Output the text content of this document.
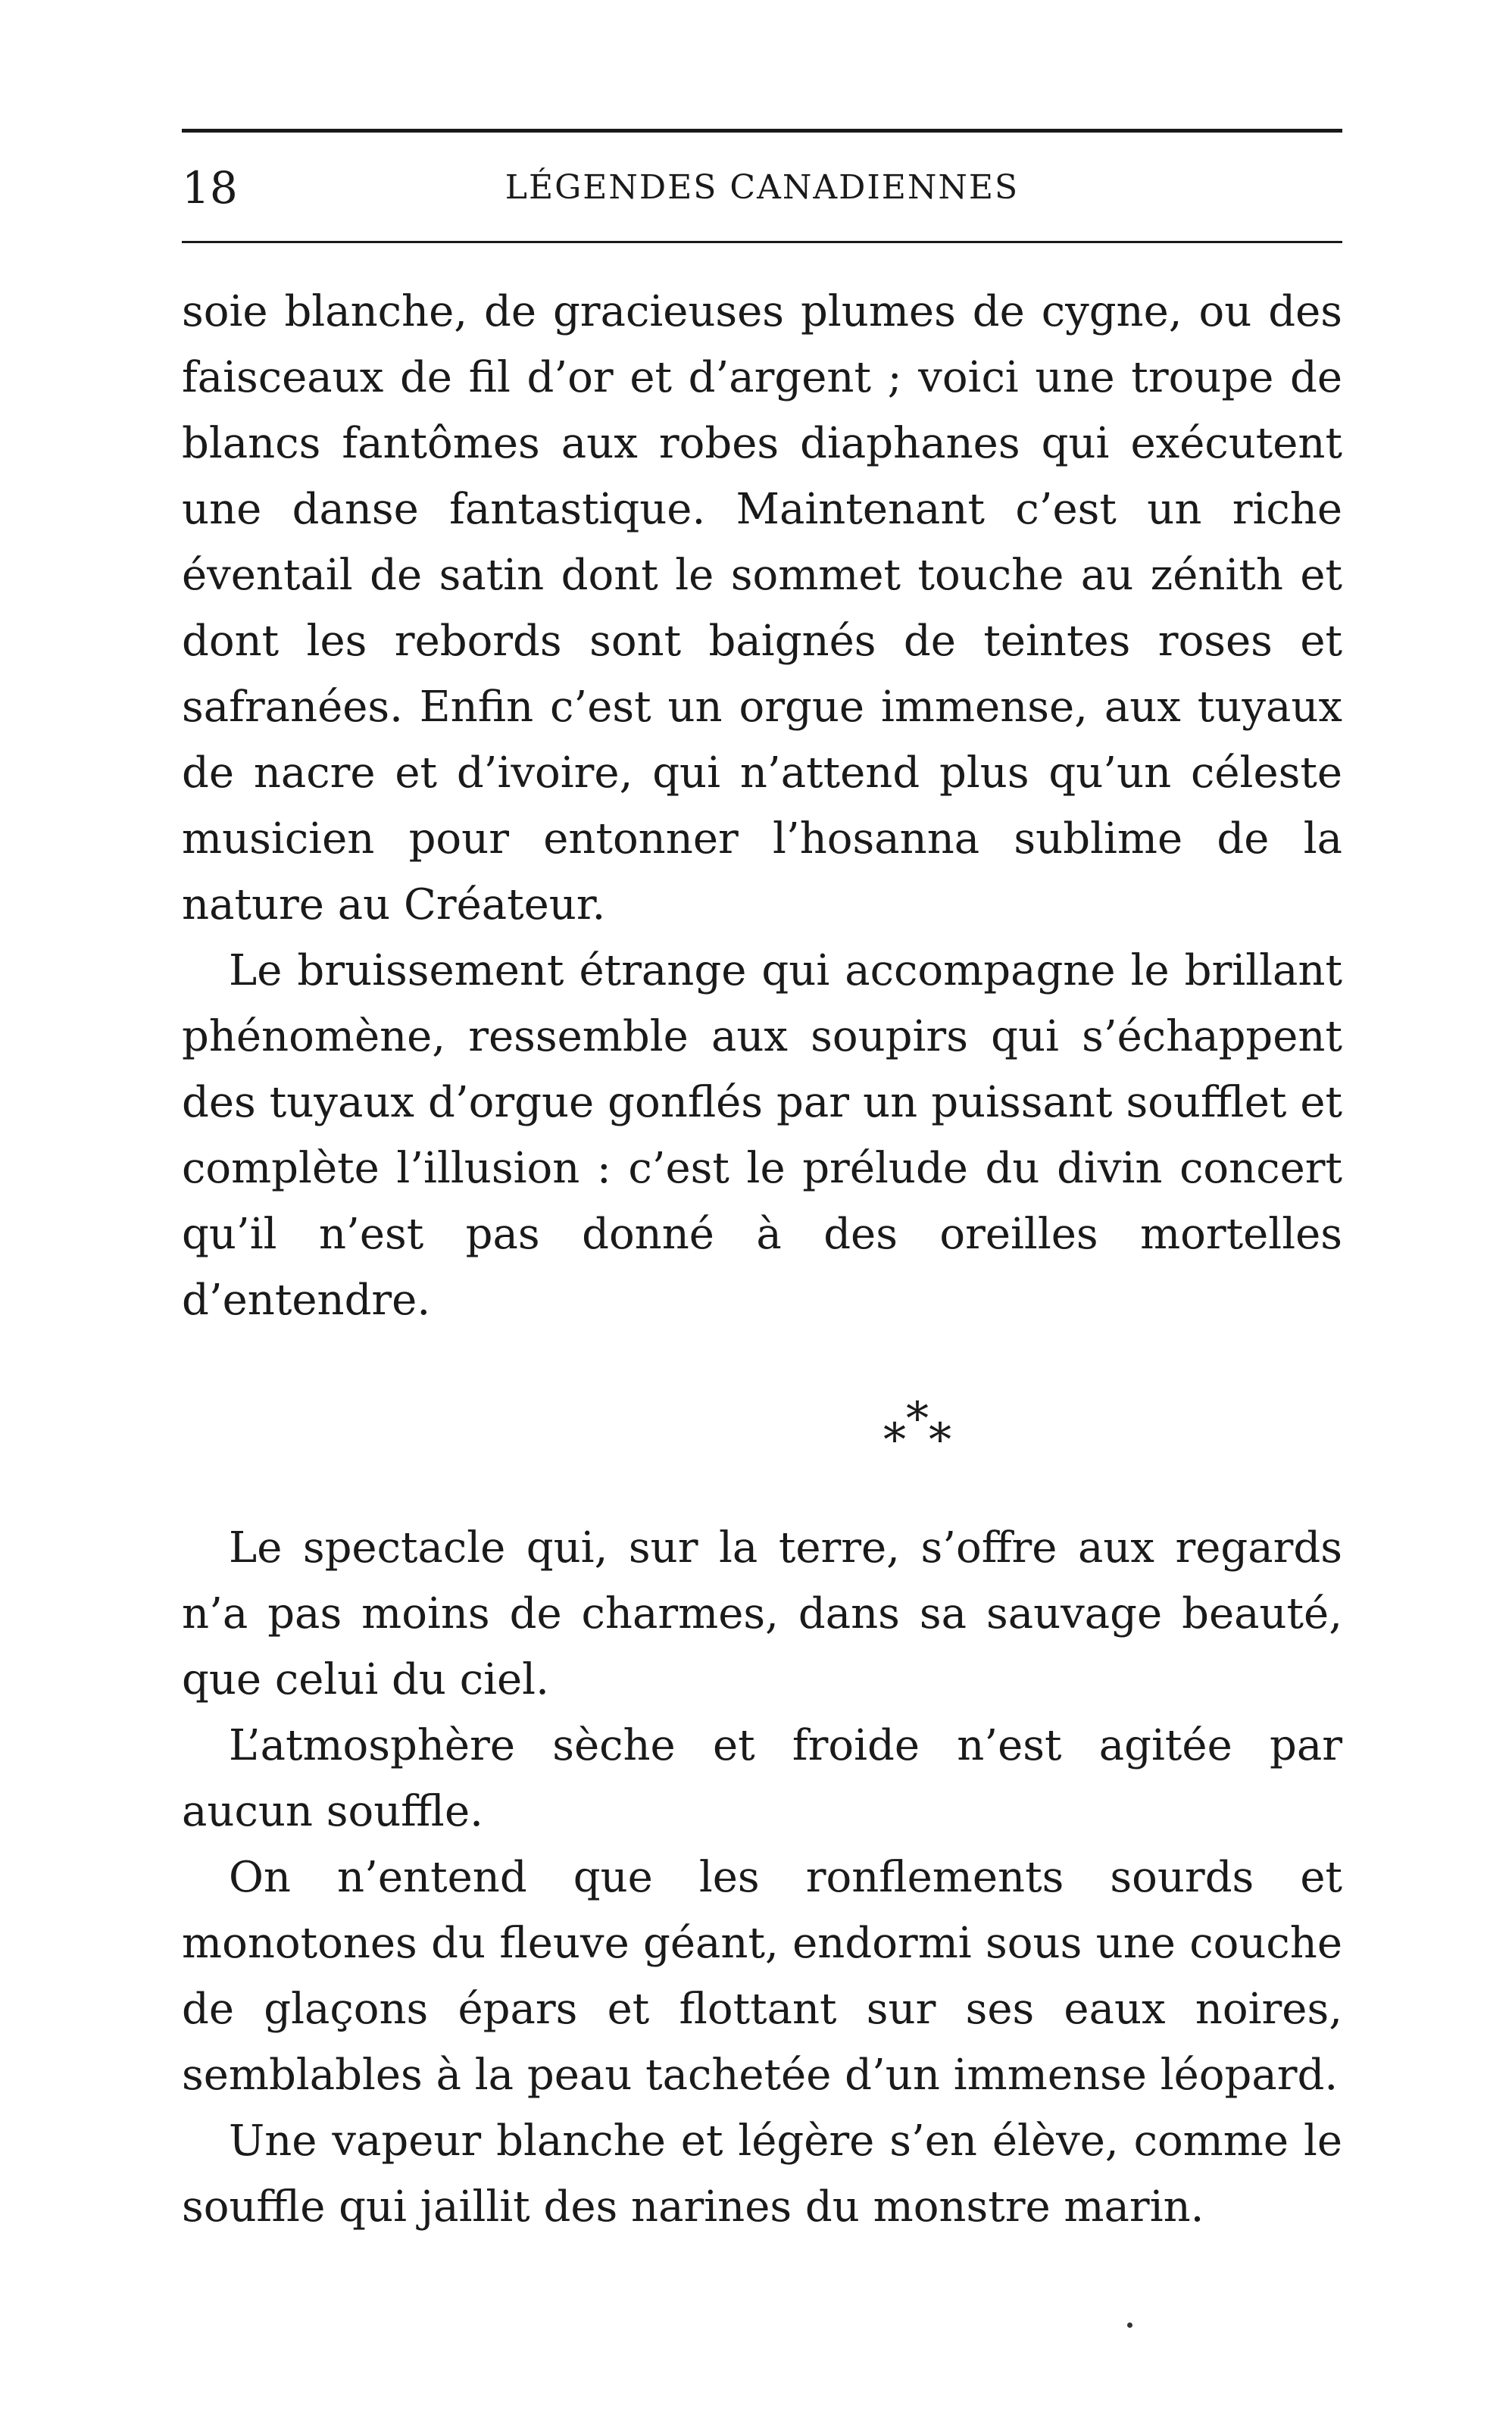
18	LÉGENDES CANADIENNES

soie blanche, de gracieuses plumes de cygne, ou des faisceaux de fil d’or et d’argent ; voici une troupe de blancs fantômes aux robes diaphanes qui exécutent une danse fantastique. Maintenant c’est un riche éventail de satin dont le sommet touche au zénith et dont les rebords sont baignés de teintes roses et safranées. Enfin c’est un orgue immense, aux tuyaux de nacre et d’ivoire, qui n’attend plus qu’un céleste musicien pour entonner l’hosanna sublime de la nature au Créateur.

Le bruissement étrange qui accompagne le brillant phénomène, ressemble aux soupirs qui s’échappent des tuyaux d’orgue gonflés par un puissant soufflet et complète l’illusion : c’est le prélude du divin concert qu’il n’est pas donné à des oreilles mortelles d’entendre.

*
* *

Le spectacle qui, sur la terre, s’offre aux regards n’a pas moins de charmes, dans sa sauvage beauté, que celui du ciel.

L’atmosphère sèche et froide n’est agitée par aucun souffle.

On n’entend que les ronflements sourds et monotones du fleuve géant, endormi sous une couche de glaçons épars et flottant sur ses eaux noires, semblables à la peau tachetée d’un immense léopard.

Une vapeur blanche et légère s’en élève, comme le souffle qui jaillit des narines du monstre marin.
